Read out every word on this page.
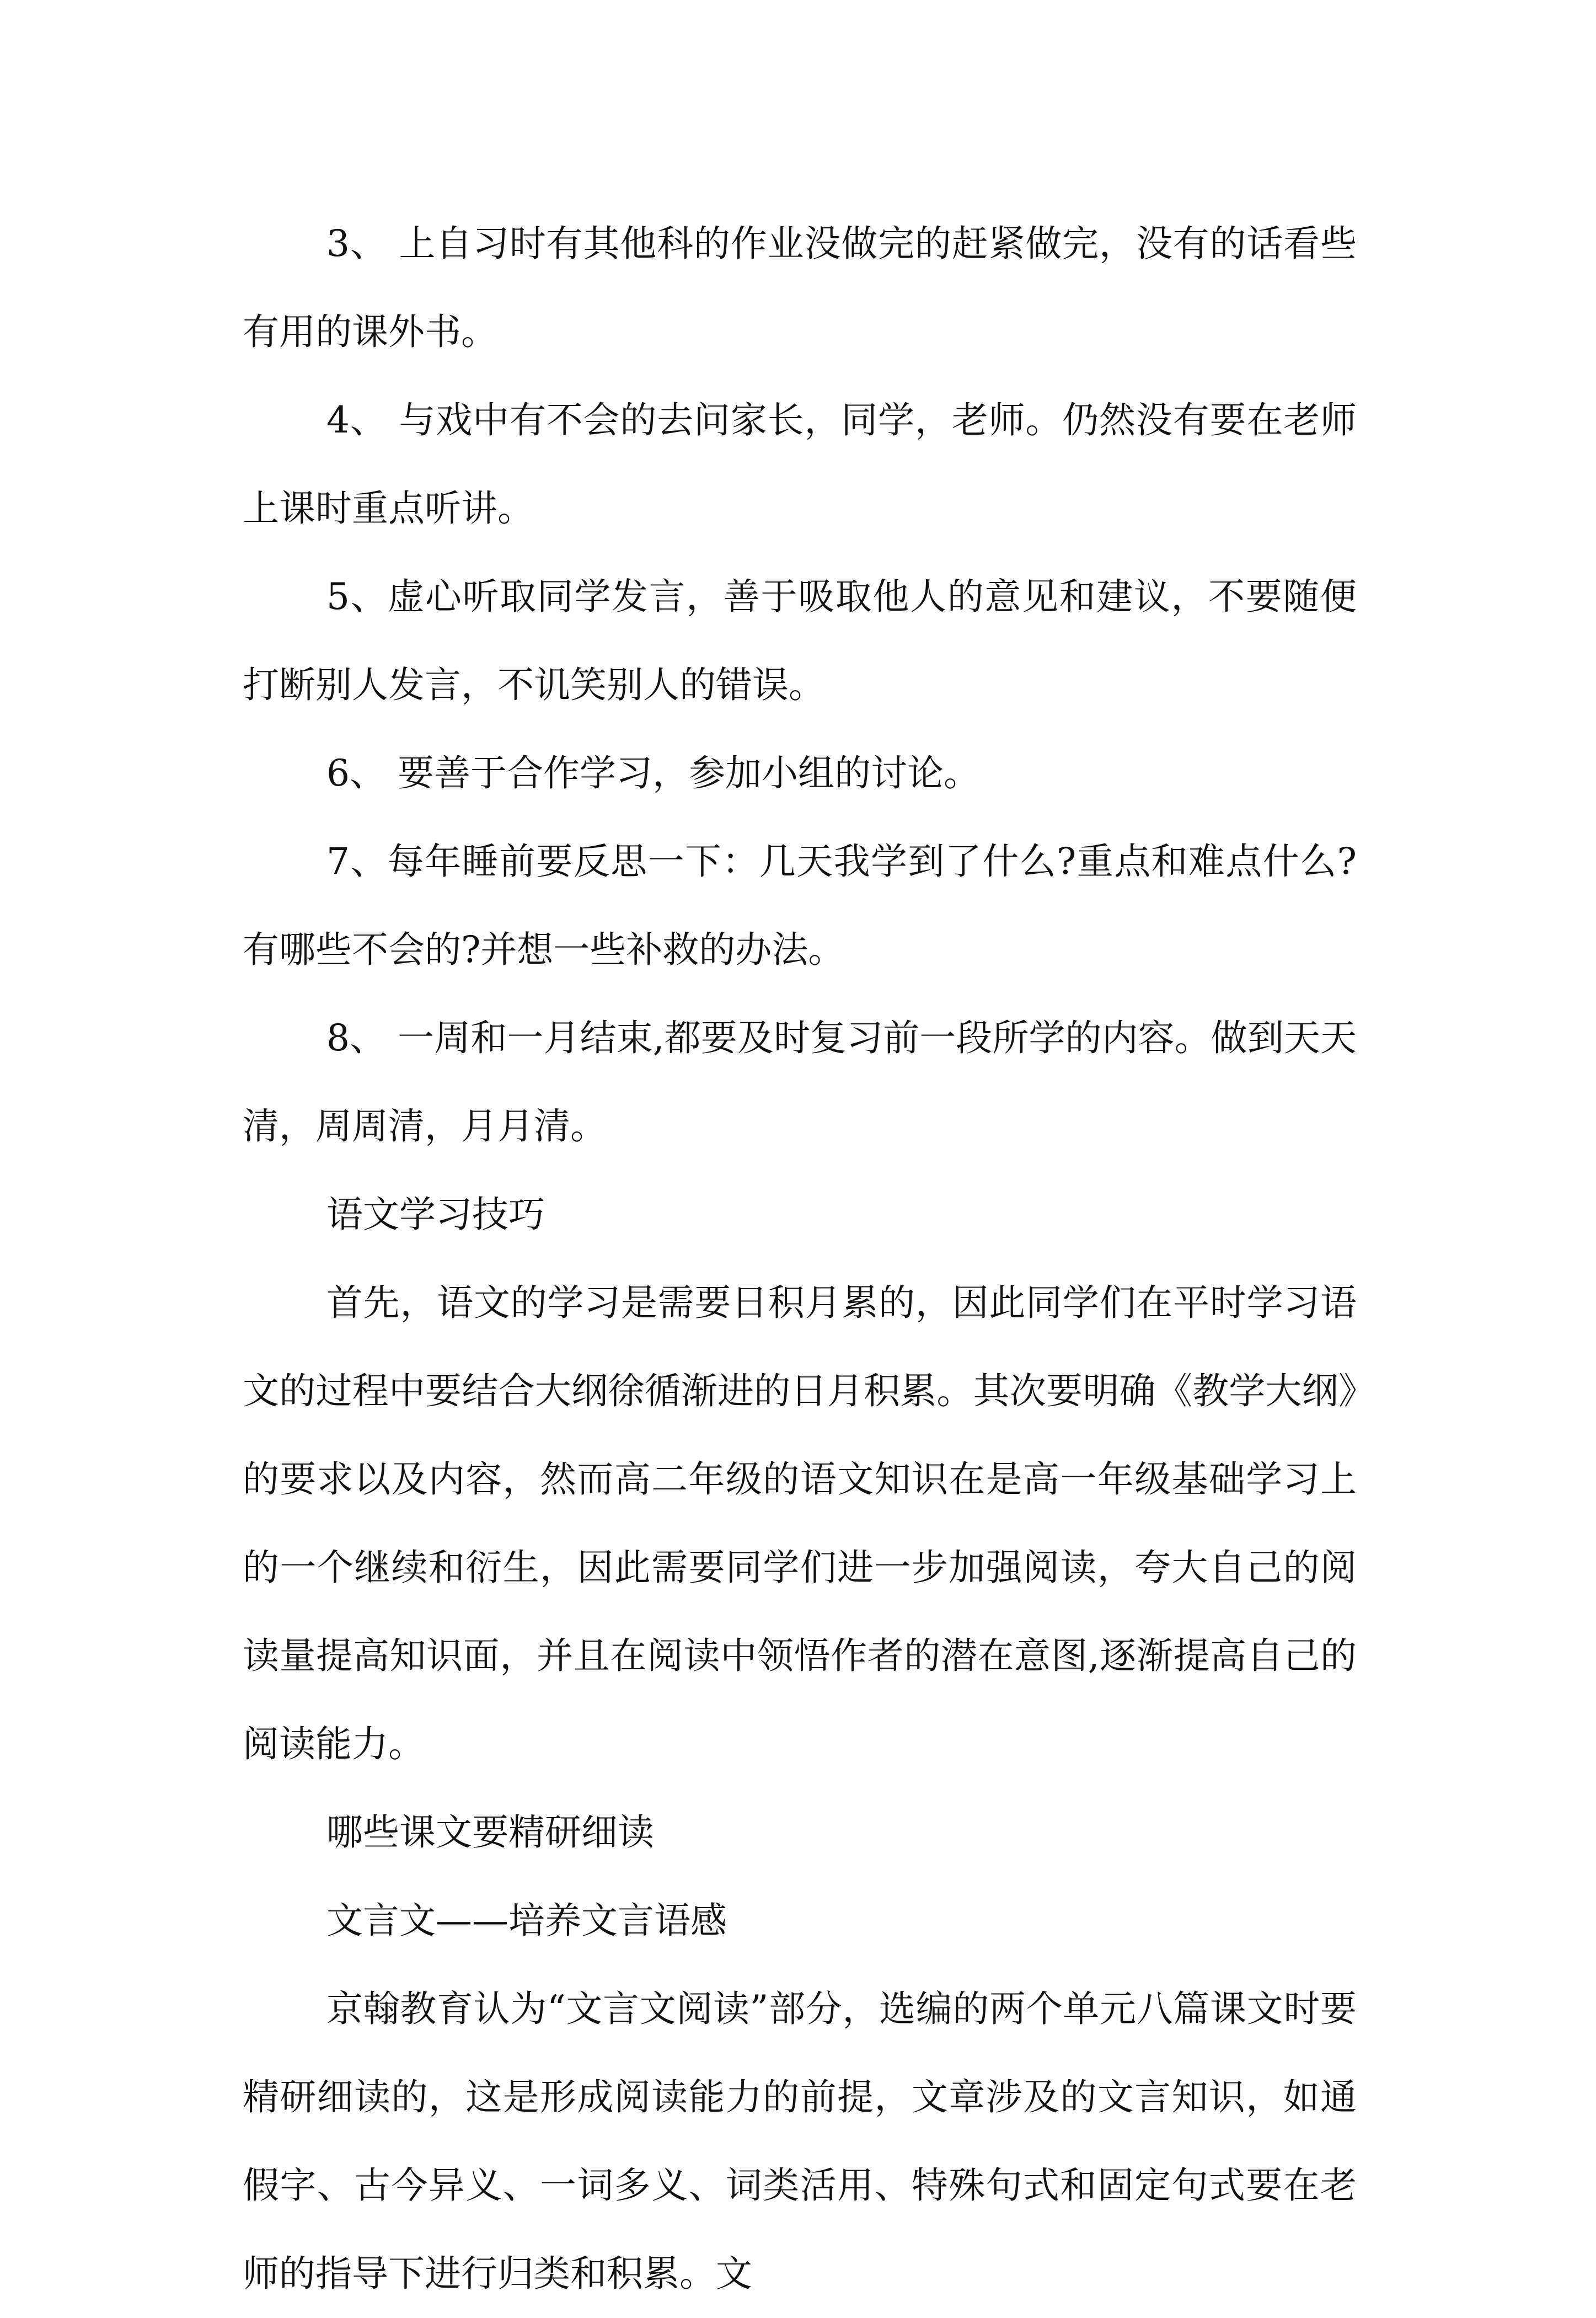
3、 上自习时有其他科的作业没做完的赶紧做完，没有的话看些有用的课外书。

4、 与戏中有不会的去问家长，同学，老师。仍然没有要在老师上课时重点听讲。

5、虚心听取同学发言，善于吸取他人的意见和建议，不要随便打断别人发言，不讥笑别人的错误。

6、 要善于合作学习，参加小组的讨论。

7、每年睡前要反思一下：几天我学到了什么?重点和难点什么?有哪些不会的?并想一些补救的办法。

8、 一周和一月结束,都要及时复习前一段所学的内容。做到天天清，周周清，月月清。

语文学习技巧

首先，语文的学习是需要日积月累的，因此同学们在平时学习语文的过程中要结合大纲徐循渐进的日月积累。其次要明确《教学大纲》的要求以及内容，然而高二年级的语文知识在是高一年级基础学习上的一个继续和衍生，因此需要同学们进一步加强阅读，夸大自己的阅读量提高知识面，并且在阅读中领悟作者的潜在意图,逐渐提高自己的阅读能力。

哪些课文要精研细读

文言文——培养文言语感

京翰教育认为“文言文阅读”部分，选编的两个单元八篇课文时要精研细读的，这是形成阅读能力的前提，文章涉及的文言知识，如通假字、古今异义、一词多义、词类活用、特殊句式和固定句式要在老师的指导下进行归类和积累。文
